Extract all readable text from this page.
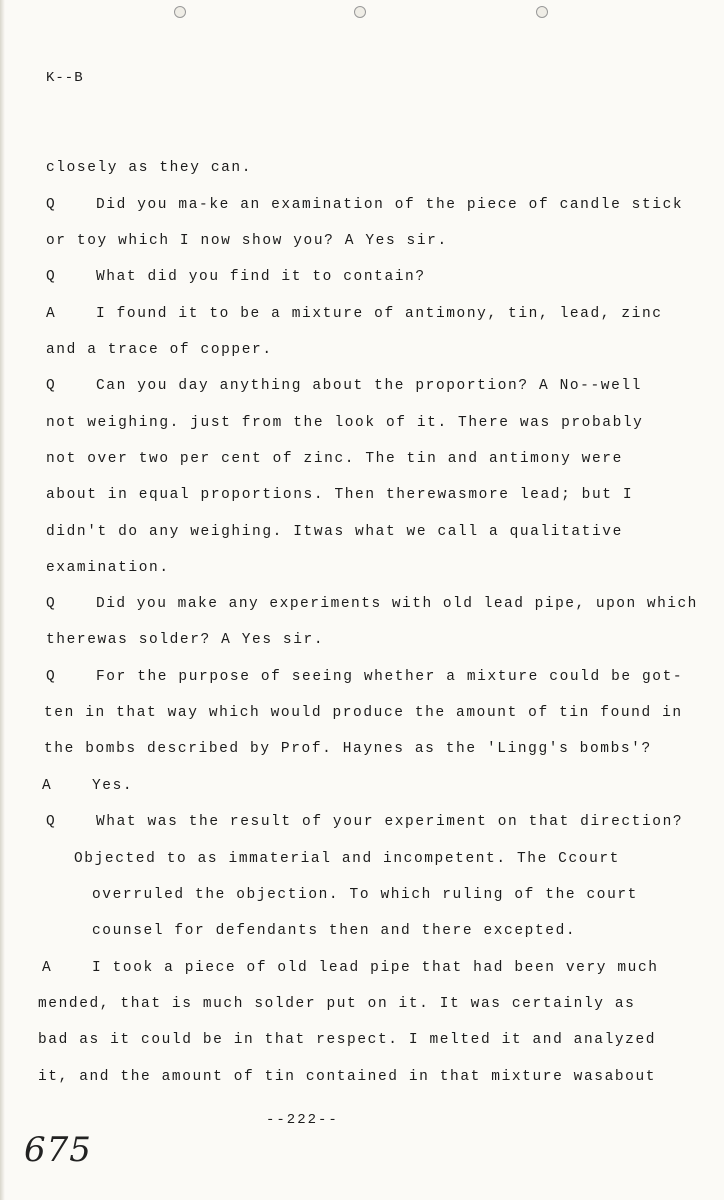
K--B
closely as they can.
Q	Did you ma-ke an examination of the piece of candle stick
or toy which I now show you? A Yes sir.
Q	What did you find it to contain?
A	I found it to be a mixture of antimony, tin, lead, zinc
and a trace of copper.
Q	Can you day anything about the proportion? A No--well
not weighing. just from the look of it. There was probably
not over two per cent of zinc. The tin and antimony were
about in equal proportions. Then therewasmore lead; but I
didn't do any weighing. Itwas what we call a qualitative
examination.
Q	Did you make any experiments with old lead pipe, upon which
therewas solder? A Yes sir.
Q	For the purpose of seeing whether a mixture could be got-
ten in that way which would produce the amount of tin found in
the bombs described by Prof. Haynes as the 'Lingg's bombs'?
A	Yes.
Q	What was the result of your experiment on that direction?
Objected to as immaterial and incompetent. The Ccourt
overruled the objection. To which ruling of the court
counsel for defendants then and there excepted.
A	I took a piece of old lead pipe that had been very much
mended, that is much solder put on it. It was certainly as
bad as it could be in that respect. I melted it and analyzed
it, and the amount of tin contained in that mixture wasabout
--222--
675
